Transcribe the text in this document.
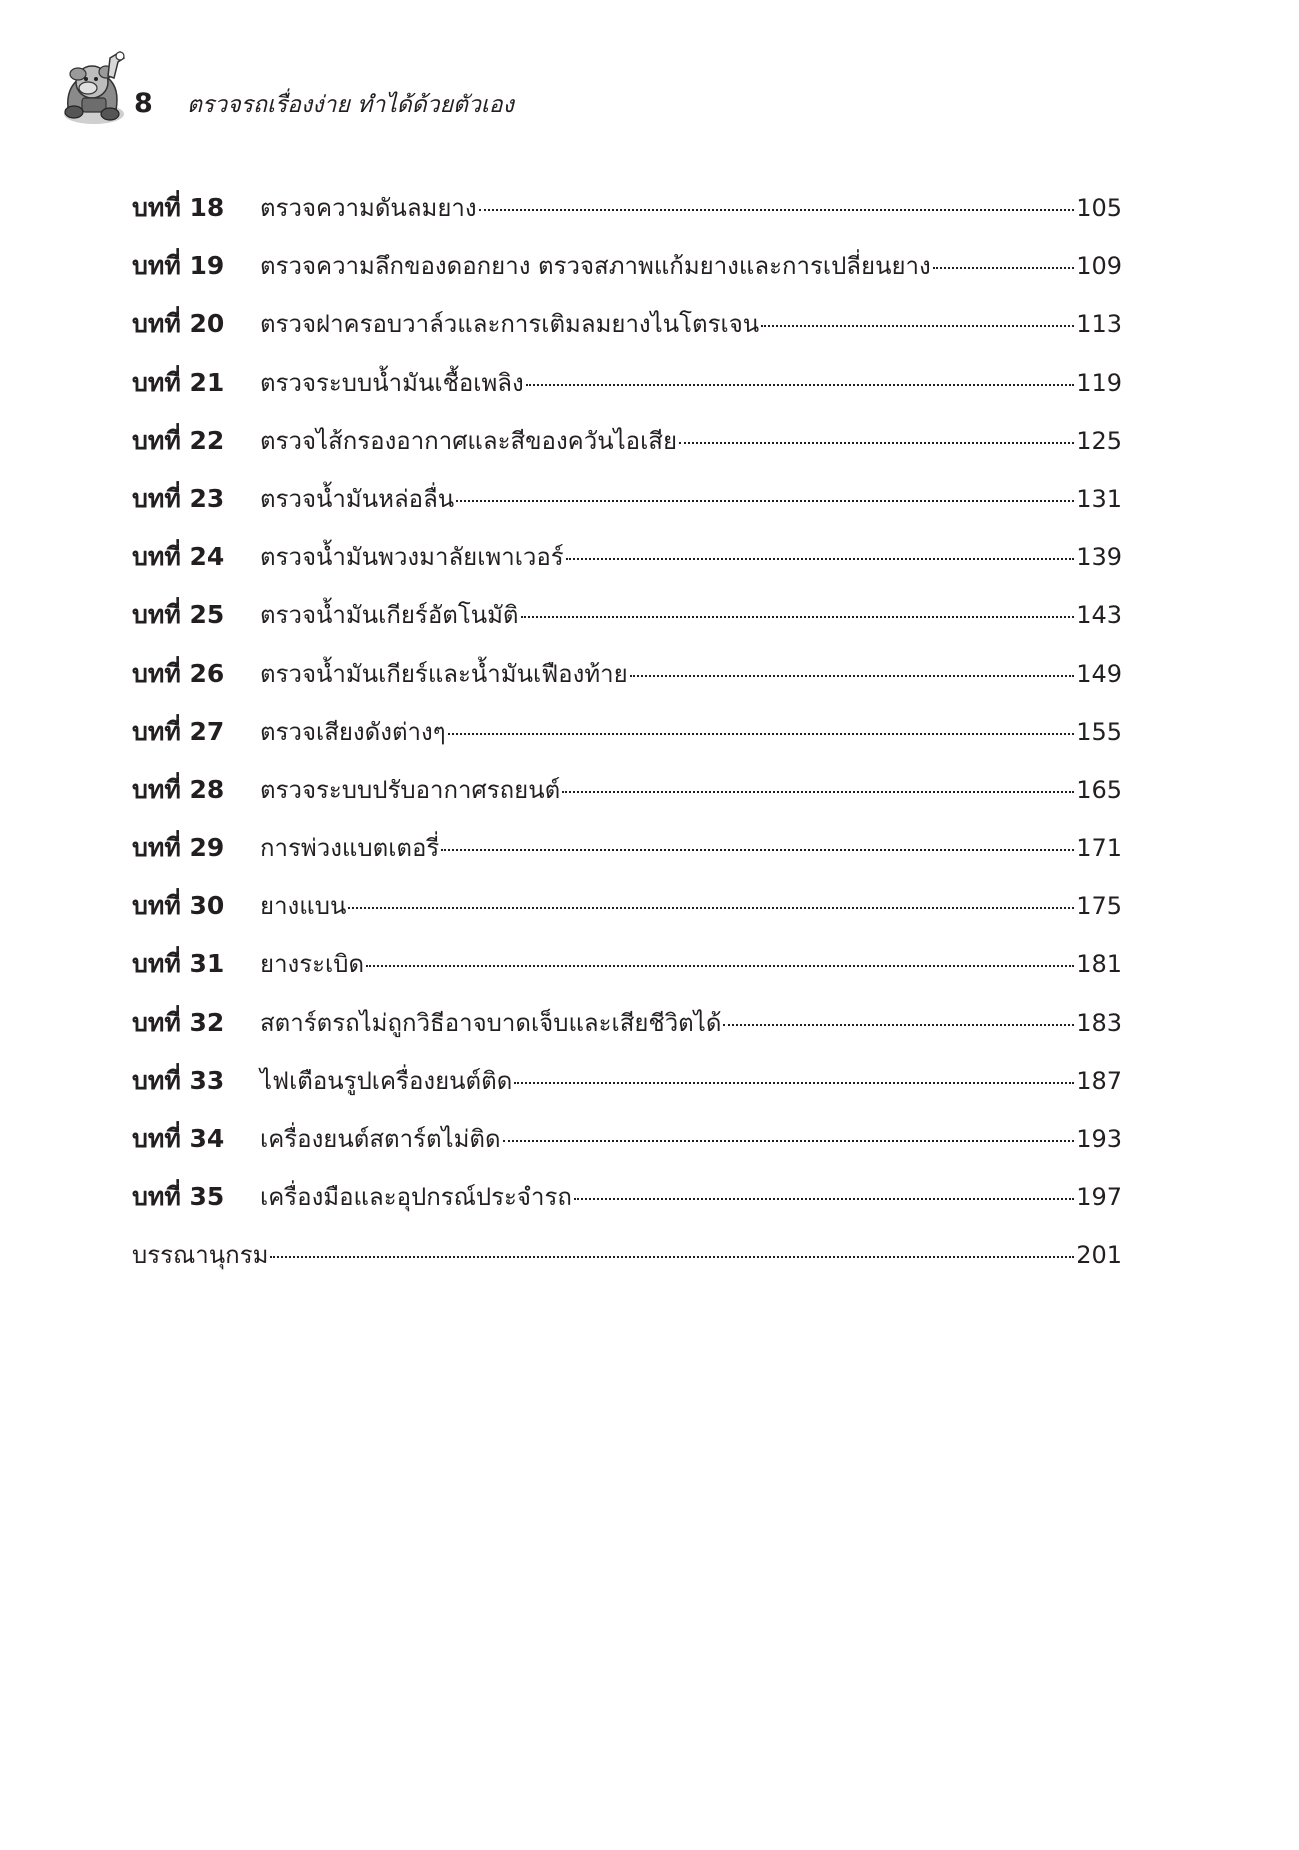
8 ตรวจรถเรื่องง่าย ทำได้ด้วยตัวเอง
บทที่ 18	ตรวจความดันลมยาง	105
บทที่ 19	ตรวจความลึกของดอกยาง ตรวจสภาพแก้มยางและการเปลี่ยนยาง	109
บทที่ 20	ตรวจฝาครอบวาล์วและการเติมลมยางไนโตรเจน	113
บทที่ 21	ตรวจระบบน้ำมันเชื้อเพลิง	119
บทที่ 22	ตรวจไส้กรองอากาศและสีของควันไอเสีย	125
บทที่ 23	ตรวจน้ำมันหล่อลื่น	131
บทที่ 24	ตรวจน้ำมันพวงมาลัยเพาเวอร์	139
บทที่ 25	ตรวจน้ำมันเกียร์อัตโนมัติ	143
บทที่ 26	ตรวจน้ำมันเกียร์และน้ำมันเฟืองท้าย	149
บทที่ 27	ตรวจเสียงดังต่างๆ	155
บทที่ 28	ตรวจระบบปรับอากาศรถยนต์	165
บทที่ 29	การพ่วงแบตเตอรี่	171
บทที่ 30	ยางแบน	175
บทที่ 31	ยางระเบิด	181
บทที่ 32	สตาร์ตรถไม่ถูกวิธีอาจบาดเจ็บและเสียชีวิตได้	183
บทที่ 33	ไฟเตือนรูปเครื่องยนต์ติด	187
บทที่ 34	เครื่องยนต์สตาร์ตไม่ติด	193
บทที่ 35	เครื่องมือและอุปกรณ์ประจำรถ	197
บรรณานุกรม	201
